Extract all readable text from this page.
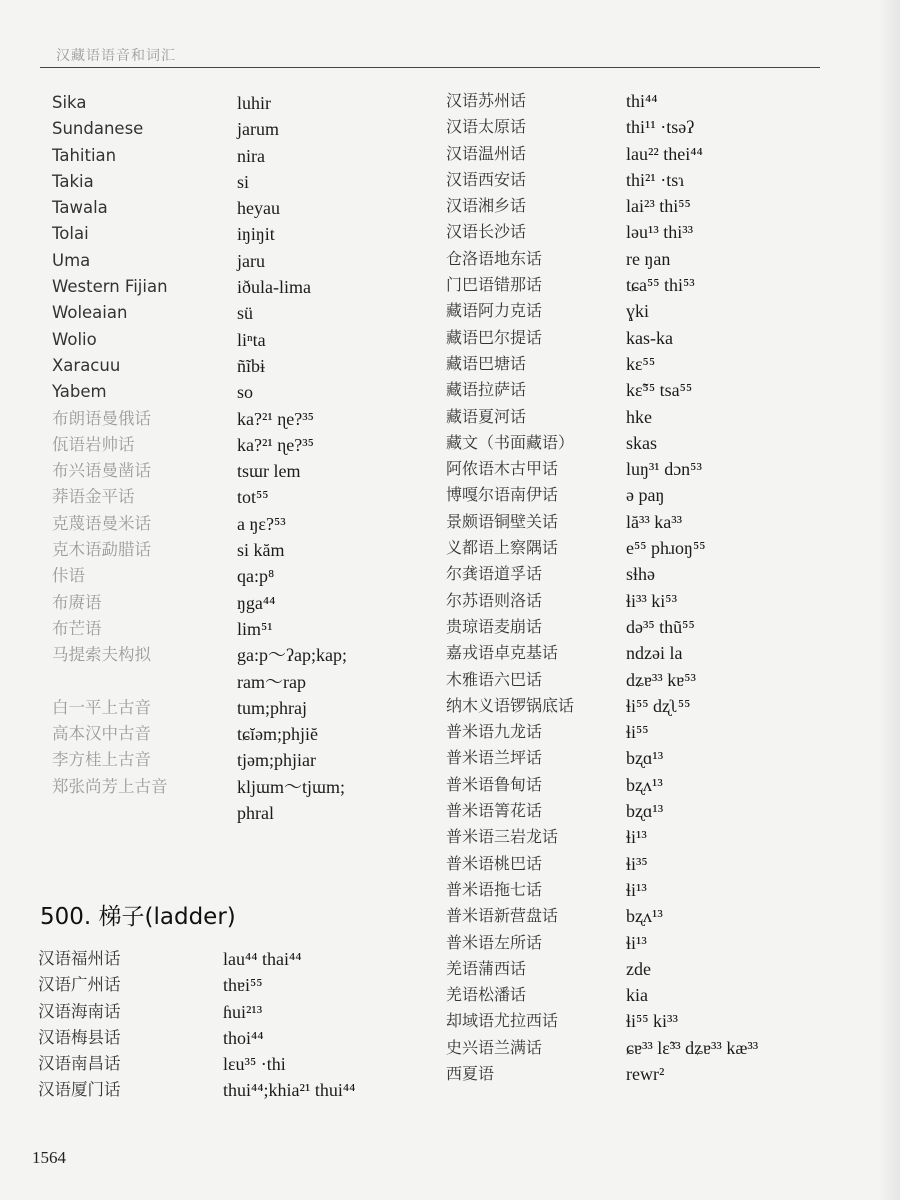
汉藏语语音和词汇
Sika	luhir
Sundanese	jarum
Tahitian	nira
Takia	si
Tawala	heyau
Tolai	iŋiŋit
Uma	jaru
Western Fijian	iðula-lima
Woleaian	sü
Wolio	liⁿta
Xaracuu	ñĩbɨ
Yabem	so
布朗语曼俄话	ka?²¹ ɳe?³⁵
佤语岩帅话	ka?²¹ ɳe?³⁵
布兴语曼凿话	tsɯr lem
莽语金平话	tot⁵⁵
克蔑语曼米话	a ŋɛ?⁵³
克木语勐腊话	si kăm
佧语	qa:p⁸
布赓语	ŋga⁴⁴
布芒语	lim⁵¹
马提索夫构拟	ga:p～ʔap;kap;
ram～rap
白一平上古音	tum;phraj
高本汉中古音	tɕĭəm;phjiĕ
李方桂上古音	tjəm;phjiar
郑张尚芳上古音	kljɯm～tjɯm;
phral
500. 梯子(ladder)
汉语福州话	lau⁴⁴ thai⁴⁴
汉语广州话	thɐi⁵⁵
汉语海南话	ɦui²¹³
汉语梅县话	thoi⁴⁴
汉语南昌话	lɛu³⁵ ·thi
汉语厦门话	thui⁴⁴;khia²¹ thui⁴⁴
汉语苏州话	thi⁴⁴
汉语太原话	thi¹¹ ·tsəʔ
汉语温州话	lau²² thei⁴⁴
汉语西安话	thi²¹ ·tsɿ
汉语湘乡话	lai²³ thi⁵⁵
汉语长沙话	ləu¹³ thi³³
仓洛语地东话	re ŋan
门巴语错那话	tɕa⁵⁵ thi⁵³
藏语阿力克话	ɣki
藏语巴尔提话	kas-ka
藏语巴塘话	kɛ⁵⁵
藏语拉萨话	kɛ̃⁵⁵ tsa⁵⁵
藏语夏河话	hke
藏文（书面藏语）	skas
阿侬语木古甲话	luŋ³¹ dɔn⁵³
博嘎尔语南伊话	ə paŋ
景颇语铜壁关话	lă³³ ka³³
义都语上察隅话	e⁵⁵ phɹoŋ⁵⁵
尔龚语道孚话	sɬhə
尔苏语则洛话	ɬi³³ ki⁵³
贵琼语麦崩话	də³⁵ thũ⁵⁵
嘉戎语卓克基话	ndzəi la
木雅语六巴话	dʑɐ³³ kɐ⁵³
纳木义语锣锅底话	ɬi⁵⁵ dʐʅ⁵⁵
普米语九龙话	ɬi⁵⁵
普米语兰坪话	bʐɑ¹³
普米语鲁甸话	bʐʌ¹³
普米语箐花话	bʐɑ¹³
普米语三岩龙话	ɬi¹³
普米语桃巴话	ɬi³⁵
普米语拖七话	ɬi¹³
普米语新营盘话	bʐʌ¹³
普米语左所话	ɬi¹³
羌语蒲西话	zde
羌语松潘话	kia
却域语尤拉西话	ɬi⁵⁵ ki³³
史兴语兰满话	ɕɐ³³ lɛ̃³³ dʑɐ³³ kæ³³
西夏语	rewr²
1564
